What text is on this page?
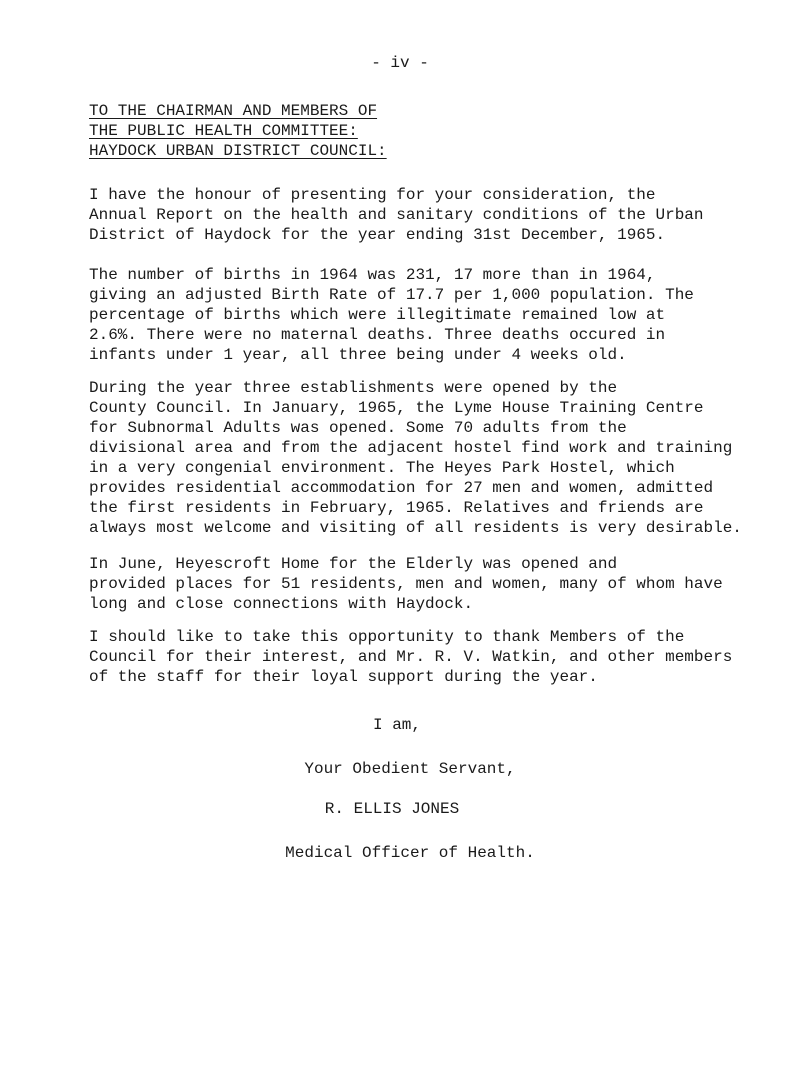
- iv -
TO THE CHAIRMAN AND MEMBERS OF
THE PUBLIC HEALTH COMMITTEE:
HAYDOCK URBAN DISTRICT COUNCIL:
I have the honour of presenting for your consideration, the
Annual Report on the health and sanitary conditions of the Urban
District of Haydock for the year ending 31st December, 1965.
The number of births in 1964 was 231, 17 more than in 1964,
giving an adjusted Birth Rate of 17.7 per 1,000 population. The
percentage of births which were illegitimate remained low at
2.6%. There were no maternal deaths. Three deaths occured in
infants under 1 year, all three being under 4 weeks old.
During the year three establishments were opened by the
County Council. In January, 1965, the Lyme House Training Centre
for Subnormal Adults was opened. Some 70 adults from the
divisional area and from the adjacent hostel find work and training
in a very congenial environment. The Heyes Park Hostel, which
provides residential accommodation for 27 men and women, admitted
the first residents in February, 1965. Relatives and friends are
always most welcome and visiting of all residents is very desirable.
In June, Heyescroft Home for the Elderly was opened and
provided places for 51 residents, men and women, many of whom have
long and close connections with Haydock.
I should like to take this opportunity to thank Members of the
Council for their interest, and Mr. R. V. Watkin, and other members
of the staff for their loyal support during the year.
I am,
Your Obedient Servant,
R. ELLIS JONES
Medical Officer of Health.
